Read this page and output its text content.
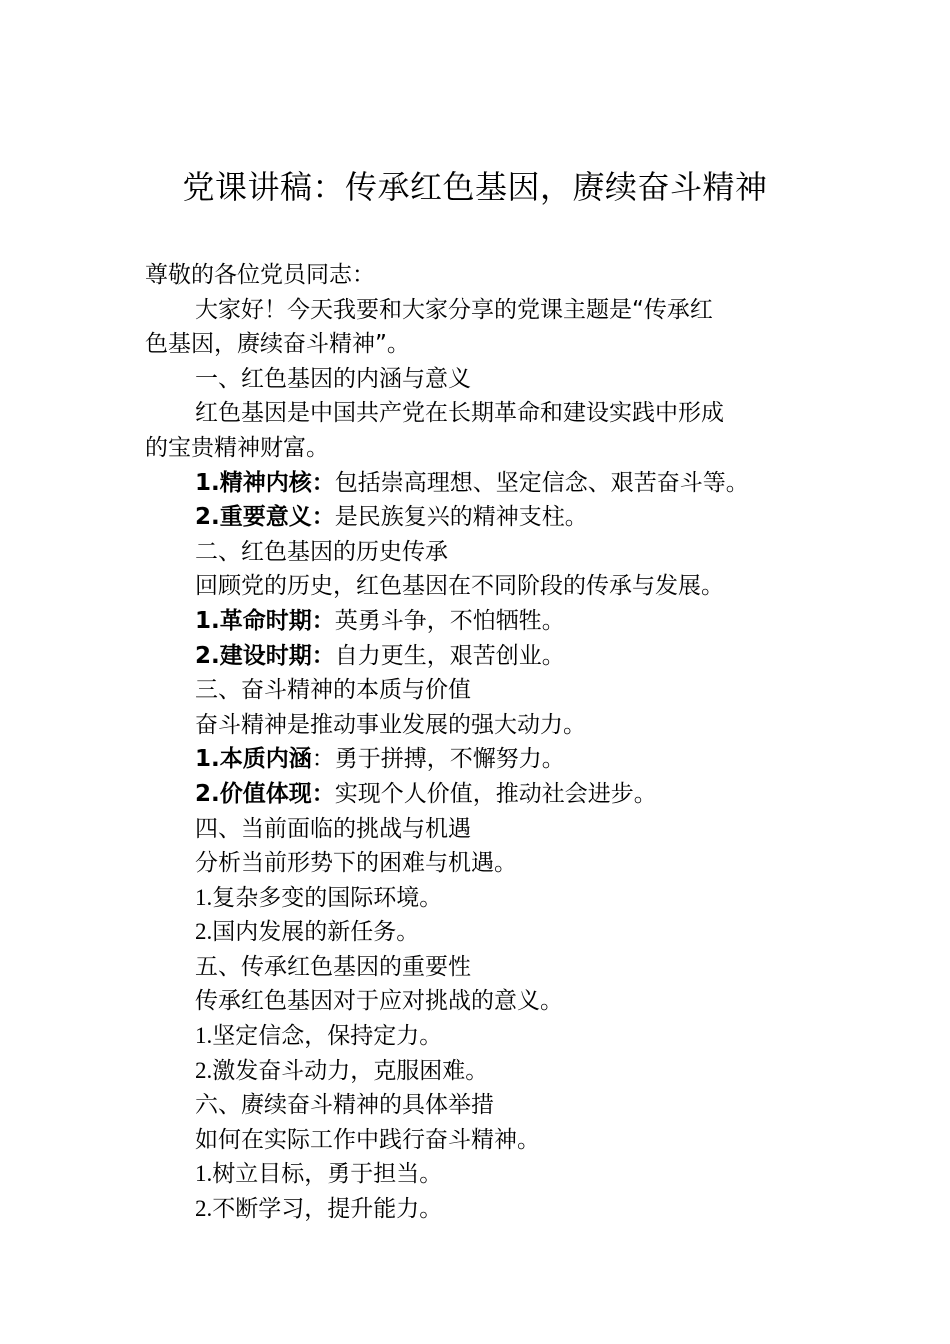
党课讲稿：传承红色基因，赓续奋斗精神
尊敬的各位党员同志：
大家好！今天我要和大家分享的党课主题是“传承红
色基因，赓续奋斗精神”。
一、红色基因的内涵与意义
红色基因是中国共产党在长期革命和建设实践中形成
的宝贵精神财富。
1.精神内核：包括崇高理想、坚定信念、艰苦奋斗等。
2.重要意义：是民族复兴的精神支柱。
二、红色基因的历史传承
回顾党的历史，红色基因在不同阶段的传承与发展。
1.革命时期：英勇斗争，不怕牺牲。
2.建设时期：自力更生，艰苦创业。
三、奋斗精神的本质与价值
奋斗精神是推动事业发展的强大动力。
1.本质内涵：勇于拼搏，不懈努力。
2.价值体现：实现个人价值，推动社会进步。
四、当前面临的挑战与机遇
分析当前形势下的困难与机遇。
1.复杂多变的国际环境。
2.国内发展的新任务。
五、传承红色基因的重要性
传承红色基因对于应对挑战的意义。
1.坚定信念，保持定力。
2.激发奋斗动力，克服困难。
六、赓续奋斗精神的具体举措
如何在实际工作中践行奋斗精神。
1.树立目标，勇于担当。
2.不断学习，提升能力。
